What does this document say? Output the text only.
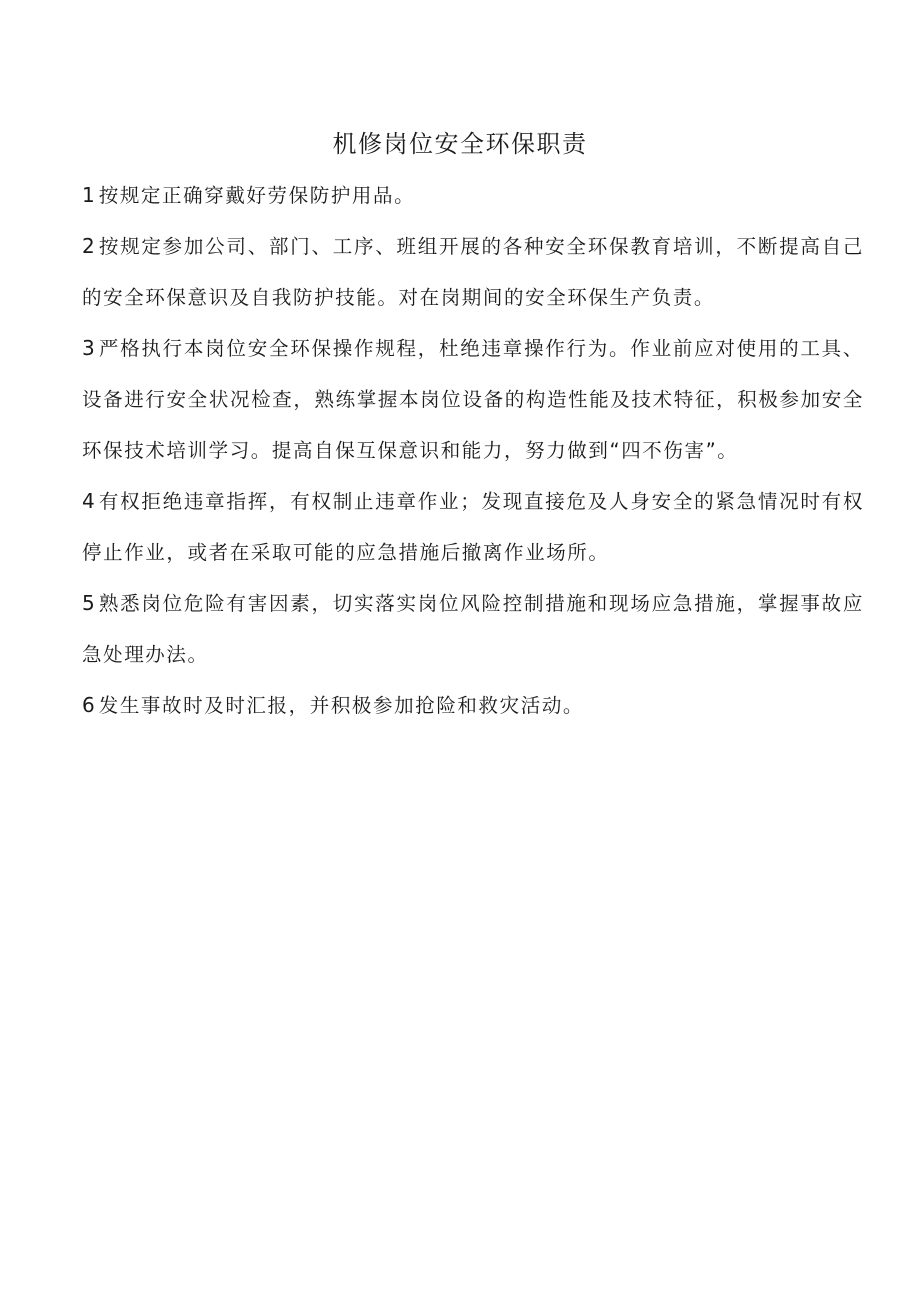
机修岗位安全环保职责
1 按规定正确穿戴好劳保防护用品。
2 按规定参加公司、部门、工序、班组开展的各种安全环保教育培训，不断提高自己的安全环保意识及自我防护技能。对在岗期间的安全环保生产负责。
3 严格执行本岗位安全环保操作规程，杜绝违章操作行为。作业前应对使用的工具、设备进行安全状况检查，熟练掌握本岗位设备的构造性能及技术特征，积极参加安全环保技术培训学习。提高自保互保意识和能力，努力做到“四不伤害”。
4 有权拒绝违章指挥，有权制止违章作业；发现直接危及人身安全的紧急情况时有权停止作业，或者在采取可能的应急措施后撤离作业场所。
5 熟悉岗位危险有害因素，切实落实岗位风险控制措施和现场应急措施，掌握事故应急处理办法。
6 发生事故时及时汇报，并积极参加抢险和救灾活动。
